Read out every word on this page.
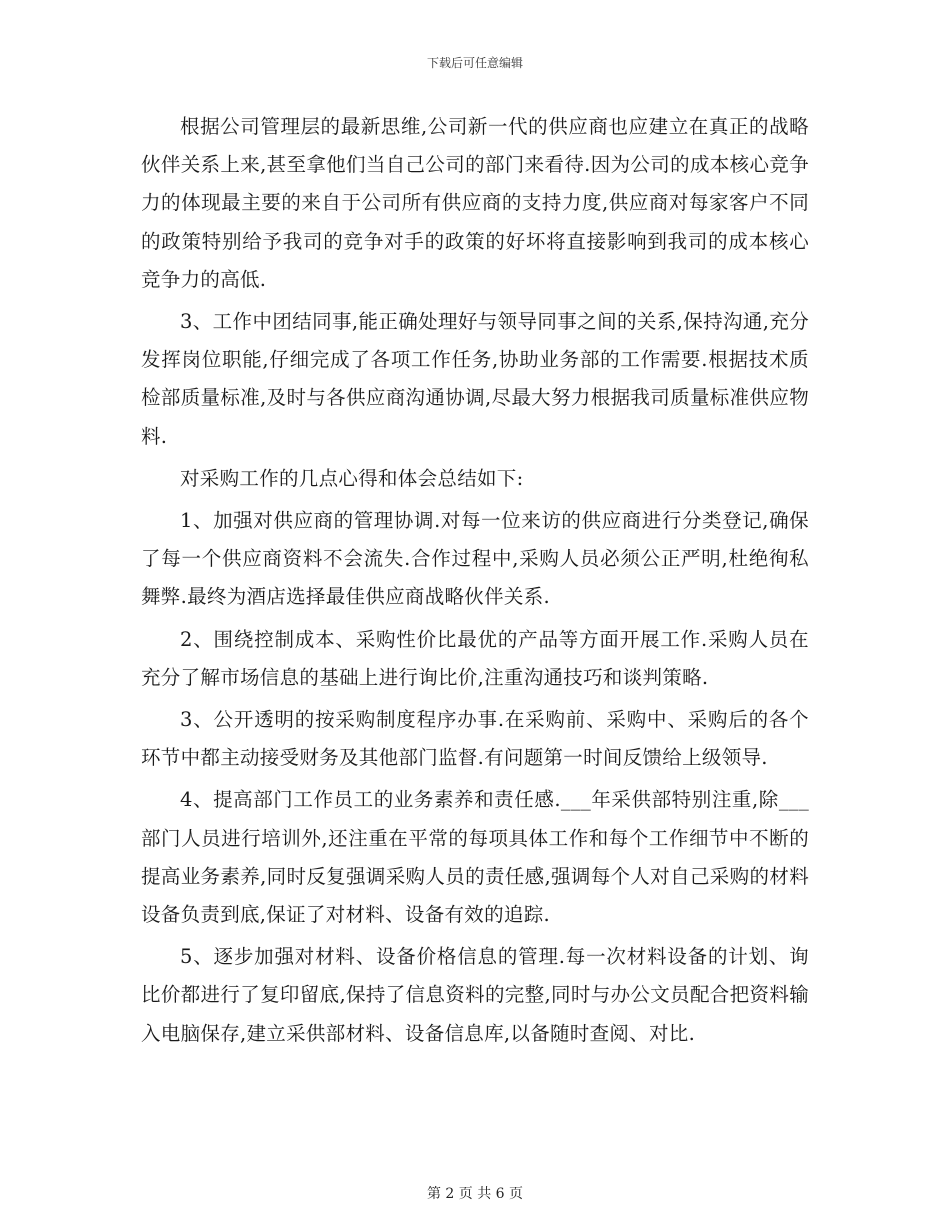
下载后可任意编辑

根据公司管理层的最新思维,公司新一代的供应商也应建立在真正的战略伙伴关系上来,甚至拿他们当自己公司的部门来看待.因为公司的成本核心竞争力的体现最主要的来自于公司所有供应商的支持力度,供应商对每家客户不同的政策特别给予我司的竞争对手的政策的好坏将直接影响到我司的成本核心竞争力的高低.

3、工作中团结同事,能正确处理好与领导同事之间的关系,保持沟通,充分发挥岗位职能,仔细完成了各项工作任务,协助业务部的工作需要.根据技术质检部质量标准,及时与各供应商沟通协调,尽最大努力根据我司质量标准供应物料.

对采购工作的几点心得和体会总结如下:

1、加强对供应商的管理协调.对每一位来访的供应商进行分类登记,确保了每一个供应商资料不会流失.合作过程中,采购人员必须公正严明,杜绝徇私舞弊.最终为酒店选择最佳供应商战略伙伴关系.

2、围绕控制成本、采购性价比最优的产品等方面开展工作.采购人员在充分了解市场信息的基础上进行询比价,注重沟通技巧和谈判策略.

3、公开透明的按采购制度程序办事.在采购前、采购中、采购后的各个环节中都主动接受财务及其他部门监督.有问题第一时间反馈给上级领导.

4、提高部门工作员工的业务素养和责任感.___年采供部特别注重,除___部门人员进行培训外,还注重在平常的每项具体工作和每个工作细节中不断的提高业务素养,同时反复强调采购人员的责任感,强调每个人对自己采购的材料设备负责到底,保证了对材料、设备有效的追踪.

5、逐步加强对材料、设备价格信息的管理.每一次材料设备的计划、询比价都进行了复印留底,保持了信息资料的完整,同时与办公文员配合把资料输入电脑保存,建立采供部材料、设备信息库,以备随时查阅、对比.

第 2 页 共 6 页
